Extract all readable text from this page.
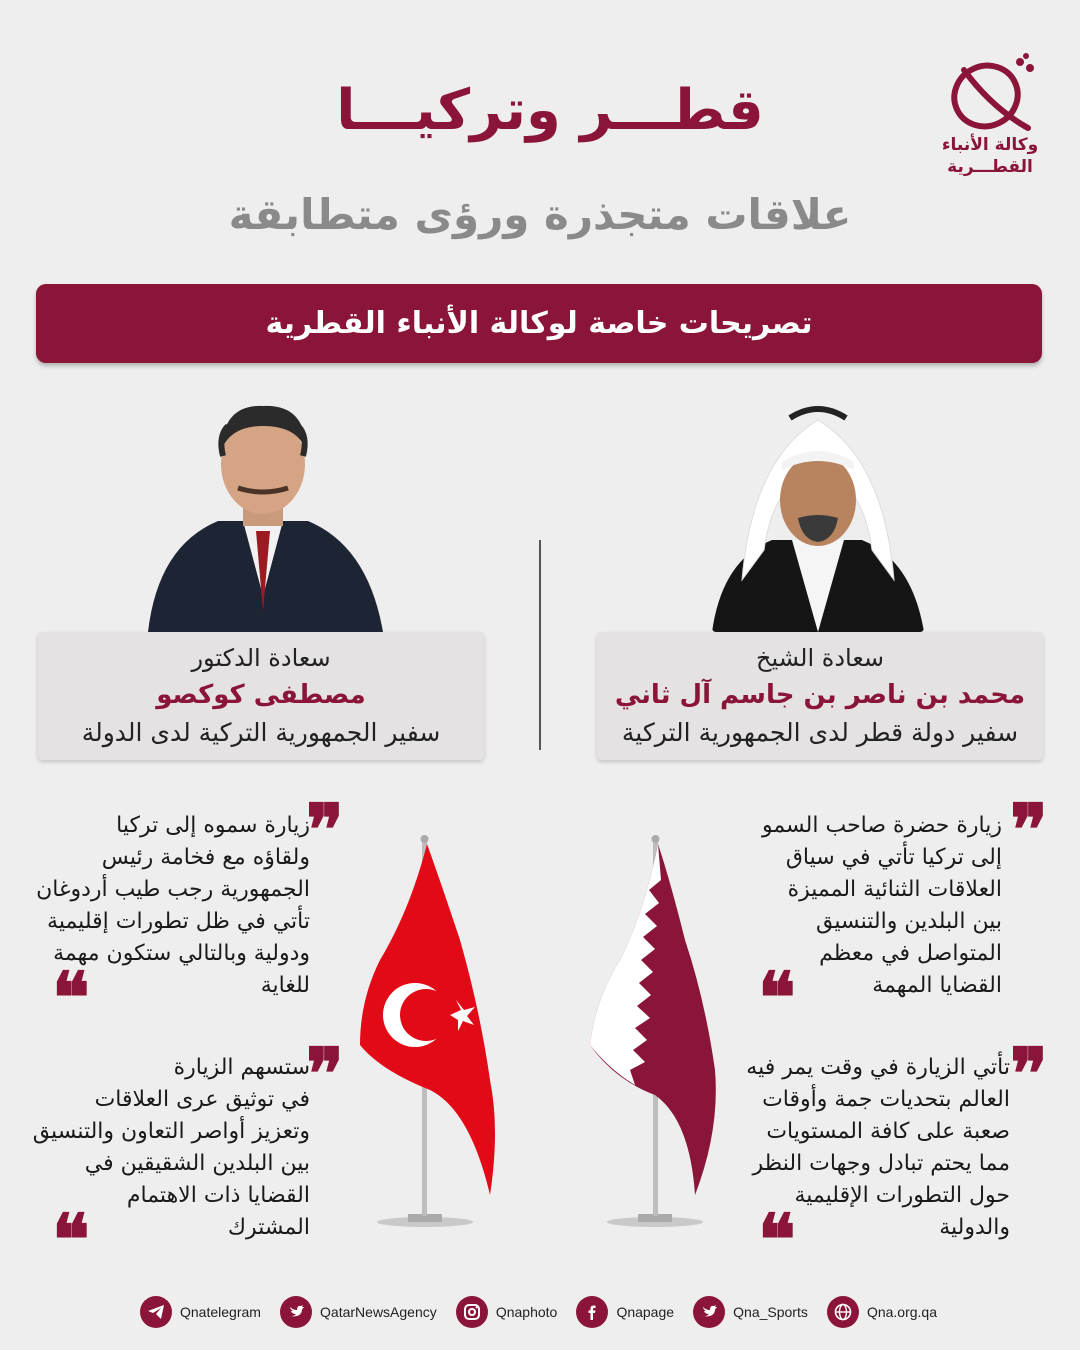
وكالة الأنباء
القطـــرية
قطـــر وتركيـــا
علاقات متجذرة ورؤى متطابقة
تصريحات خاصة لوكالة الأنباء القطرية
سعادة الدكتور
مصطفى كوكصو
سفير الجمهورية التركية لدى الدولة
سعادة الشيخ
محمد بن ناصر بن جاسم آل ثاني
سفير دولة قطر لدى الجمهورية التركية
❞
زيارة حضرة صاحب السمو
إلى تركيا تأتي في سياق
العلاقات الثنائية المميزة
بين البلدين والتنسيق
المتواصل في معظم
القضايا المهمة
❝
❞
تأتي الزيارة في وقت يمر فيه
العالم بتحديات جمة وأوقات
صعبة على كافة المستويات
مما يحتم تبادل وجهات النظر
حول التطورات الإقليمية
والدولية
❝
❞
زيارة سموه إلى تركيا
ولقاؤه مع فخامة رئيس
الجمهورية رجب طيب أردوغان
تأتي في ظل تطورات إقليمية
ودولية وبالتالي ستكون مهمة
للغاية
❝
❞
ستسهم الزيارة
في توثيق عرى العلاقات
وتعزيز أواصر التعاون والتنسيق
بين البلدين الشقيقين في
القضايا ذات الاهتمام
المشترك
❝
Qnatelegram
	QatarNewsAgency
	Qnaphoto
	Qnapage
	Qna_Sports
	Qna.org.qa
